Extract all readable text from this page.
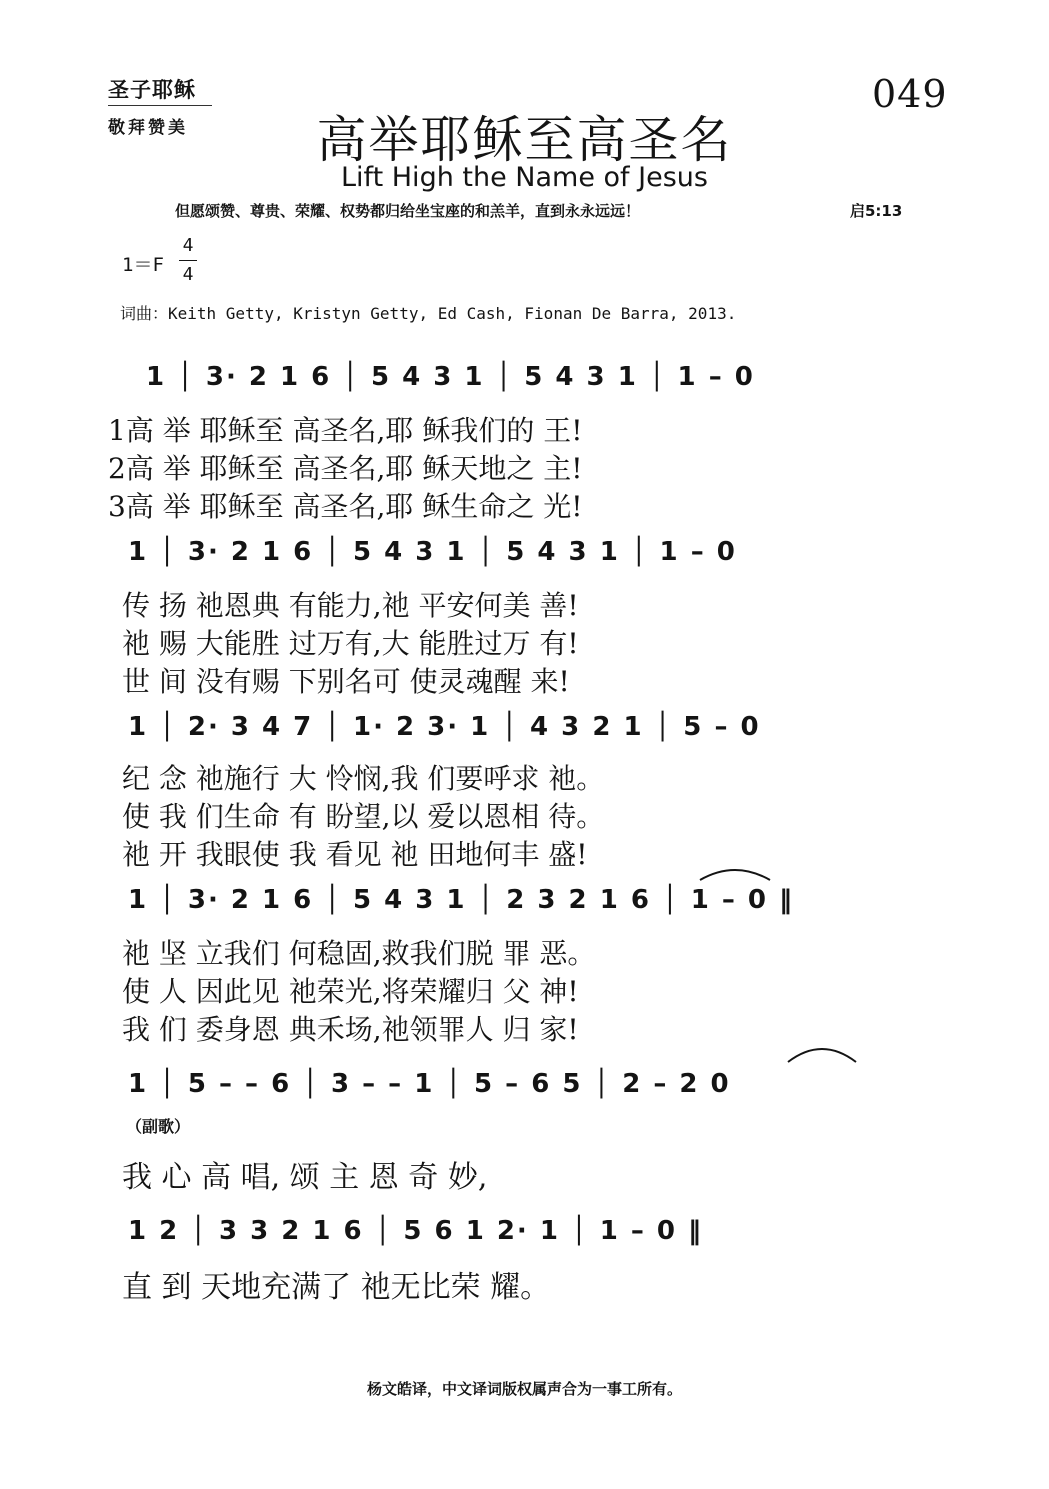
圣子耶稣
敬拜赞美
049
高举耶稣至高圣名
Lift High the Name of Jesus
但愿颂赞、尊贵、荣耀、权势都归给坐宝座的和羔羊，直到永永远远！	启5:13
1＝F
4
4
词曲：Keith Getty, Kristyn Getty, Ed Cash, Fionan De Barra, 2013.
1 │ 3· 2 1 6 │ 5 4 3 1 │ 5 4 3 1 │ 1 – 0
1高 举 耶稣至 高圣名,耶 稣我们的 王!
2高 举 耶稣至 高圣名,耶 稣天地之 主!
3高 举 耶稣至 高圣名,耶 稣生命之 光!
1 │ 3· 2 1 6 │ 5 4 3 1 │ 5 4 3 1 │ 1 – 0
传 扬 祂恩典 有能力,祂 平安何美 善!
祂 赐 大能胜 过万有,大 能胜过万 有!
世 间 没有赐 下别名可 使灵魂醒 来!
1 │ 2· 3 4 7 │ 1· 2 3· 1 │ 4 3 2 1 │ 5 – 0
纪 念 祂施行 大 怜悯,我 们要呼求 祂。
使 我 们生命 有 盼望,以 爱以恩相 待。
祂 开 我眼使 我 看见 祂 田地何丰 盛!
1 │ 3· 2 1 6 │ 5 4 3 1 │ 2 3 2 1 6 │ 1 – 0 ‖
祂 坚 立我们 何稳固,救我们脱 罪 恶。
使 人 因此见 祂荣光,将荣耀归 父 神!
我 们 委身恩 典禾场,祂领罪人 归 家!
1 │ 5 – – 6 │ 3 – – 1 │ 5 – 6 5 │ 2 – 2 0
（副歌）
我 心 高 唱, 颂 主 恩 奇 妙,
1 2 │ 3 3 2 1 6 │ 5 6 1 2· 1 │ 1 – 0 ‖
直 到 天地充满了 祂无比荣 耀。
杨文皓译，中文译词版权属声合为一事工所有。
